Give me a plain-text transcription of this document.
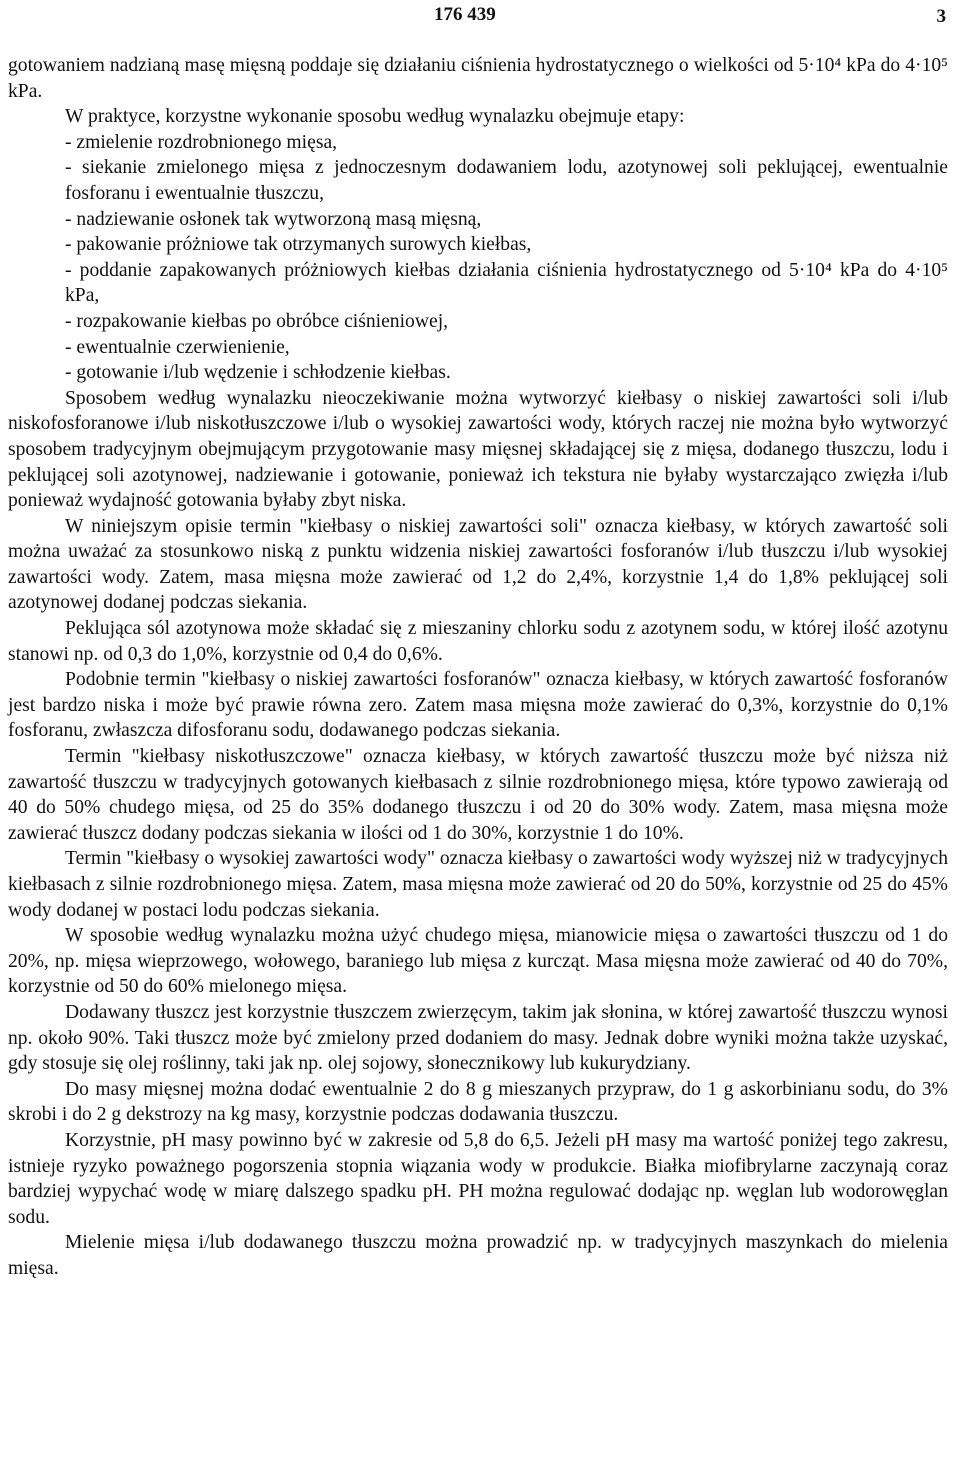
176 439	3

gotowaniem nadzianą masę mięsną poddaje się działaniu ciśnienia hydrostatycznego o wielkości od 5·10⁴ kPa do 4·10⁵ kPa.

W praktyce, korzystne wykonanie sposobu według wynalazku obejmuje etapy:

- zmielenie rozdrobnionego mięsa,

- siekanie zmielonego mięsa z jednoczesnym dodawaniem lodu, azotynowej soli peklującej, ewentualnie fosforanu i ewentualnie tłuszczu,

- nadziewanie osłonek tak wytworzoną masą mięsną,

- pakowanie próżniowe tak otrzymanych surowych kiełbas,

- poddanie zapakowanych próżniowych kiełbas działania ciśnienia hydrostatycznego od 5·10⁴ kPa do 4·10⁵ kPa,

- rozpakowanie kiełbas po obróbce ciśnieniowej,

- ewentualnie czerwienienie,

- gotowanie i/lub wędzenie i schłodzenie kiełbas.

Sposobem według wynalazku nieoczekiwanie można wytworzyć kiełbasy o niskiej zawartości soli i/lub niskofosforanowe i/lub niskotłuszczowe i/lub o wysokiej zawartości wody, których raczej nie można było wytworzyć sposobem tradycyjnym obejmującym przygotowanie masy mięsnej składającej się z mięsa, dodanego tłuszczu, lodu i peklującej soli azotynowej, nadziewanie i gotowanie, ponieważ ich tekstura nie byłaby wystarczająco zwięzła i/lub ponieważ wydajność gotowania byłaby zbyt niska.

W niniejszym opisie termin "kiełbasy o niskiej zawartości soli" oznacza kiełbasy, w których zawartość soli można uważać za stosunkowo niską z punktu widzenia niskiej zawartości fosforanów i/lub tłuszczu i/lub wysokiej zawartości wody. Zatem, masa mięsna może zawierać od 1,2 do 2,4%, korzystnie 1,4 do 1,8% peklującej soli azotynowej dodanej podczas siekania.

Peklująca sól azotynowa może składać się z mieszaniny chlorku sodu z azotynem sodu, w której ilość azotynu stanowi np. od 0,3 do 1,0%, korzystnie od 0,4 do 0,6%.

Podobnie termin "kiełbasy o niskiej zawartości fosforanów" oznacza kiełbasy, w których zawartość fosforanów jest bardzo niska i może być prawie równa zero. Zatem masa mięsna może zawierać do 0,3%, korzystnie do 0,1% fosforanu, zwłaszcza difosforanu sodu, dodawanego podczas siekania.

Termin "kiełbasy niskotłuszczowe" oznacza kiełbasy, w których zawartość tłuszczu może być niższa niż zawartość tłuszczu w tradycyjnych gotowanych kiełbasach z silnie rozdrobnionego mięsa, które typowo zawierają od 40 do 50% chudego mięsa, od 25 do 35% dodanego tłuszczu i od 20 do 30% wody. Zatem, masa mięsna może zawierać tłuszcz dodany podczas siekania w ilości od 1 do 30%, korzystnie 1 do 10%.

Termin "kiełbasy o wysokiej zawartości wody" oznacza kiełbasy o zawartości wody wyższej niż w tradycyjnych kiełbasach z silnie rozdrobnionego mięsa. Zatem, masa mięsna może zawierać od 20 do 50%, korzystnie od 25 do 45% wody dodanej w postaci lodu podczas siekania.

W sposobie według wynalazku można użyć chudego mięsa, mianowicie mięsa o zawartości tłuszczu od 1 do 20%, np. mięsa wieprzowego, wołowego, baraniego lub mięsa z kurcząt. Masa mięsna może zawierać od 40 do 70%, korzystnie od 50 do 60% mielonego mięsa.

Dodawany tłuszcz jest korzystnie tłuszczem zwierzęcym, takim jak słonina, w której zawartość tłuszczu wynosi np. około 90%. Taki tłuszcz może być zmielony przed dodaniem do masy. Jednak dobre wyniki można także uzyskać, gdy stosuje się olej roślinny, taki jak np. olej sojowy, słonecznikowy lub kukurydziany.

Do masy mięsnej można dodać ewentualnie 2 do 8 g mieszanych przypraw, do 1 g askorbinianu sodu, do 3% skrobi i do 2 g dekstrozy na kg masy, korzystnie podczas dodawania tłuszczu.

Korzystnie, pH masy powinno być w zakresie od 5,8 do 6,5. Jeżeli pH masy ma wartość poniżej tego zakresu, istnieje ryzyko poważnego pogorszenia stopnia wiązania wody w produkcie. Białka miofibrylarne zaczynają coraz bardziej wypychać wodę w miarę dalszego spadku pH. PH można regulować dodając np. węglan lub wodorowęglan sodu.

Mielenie mięsa i/lub dodawanego tłuszczu można prowadzić np. w tradycyjnych maszynkach do mielenia mięsa.
